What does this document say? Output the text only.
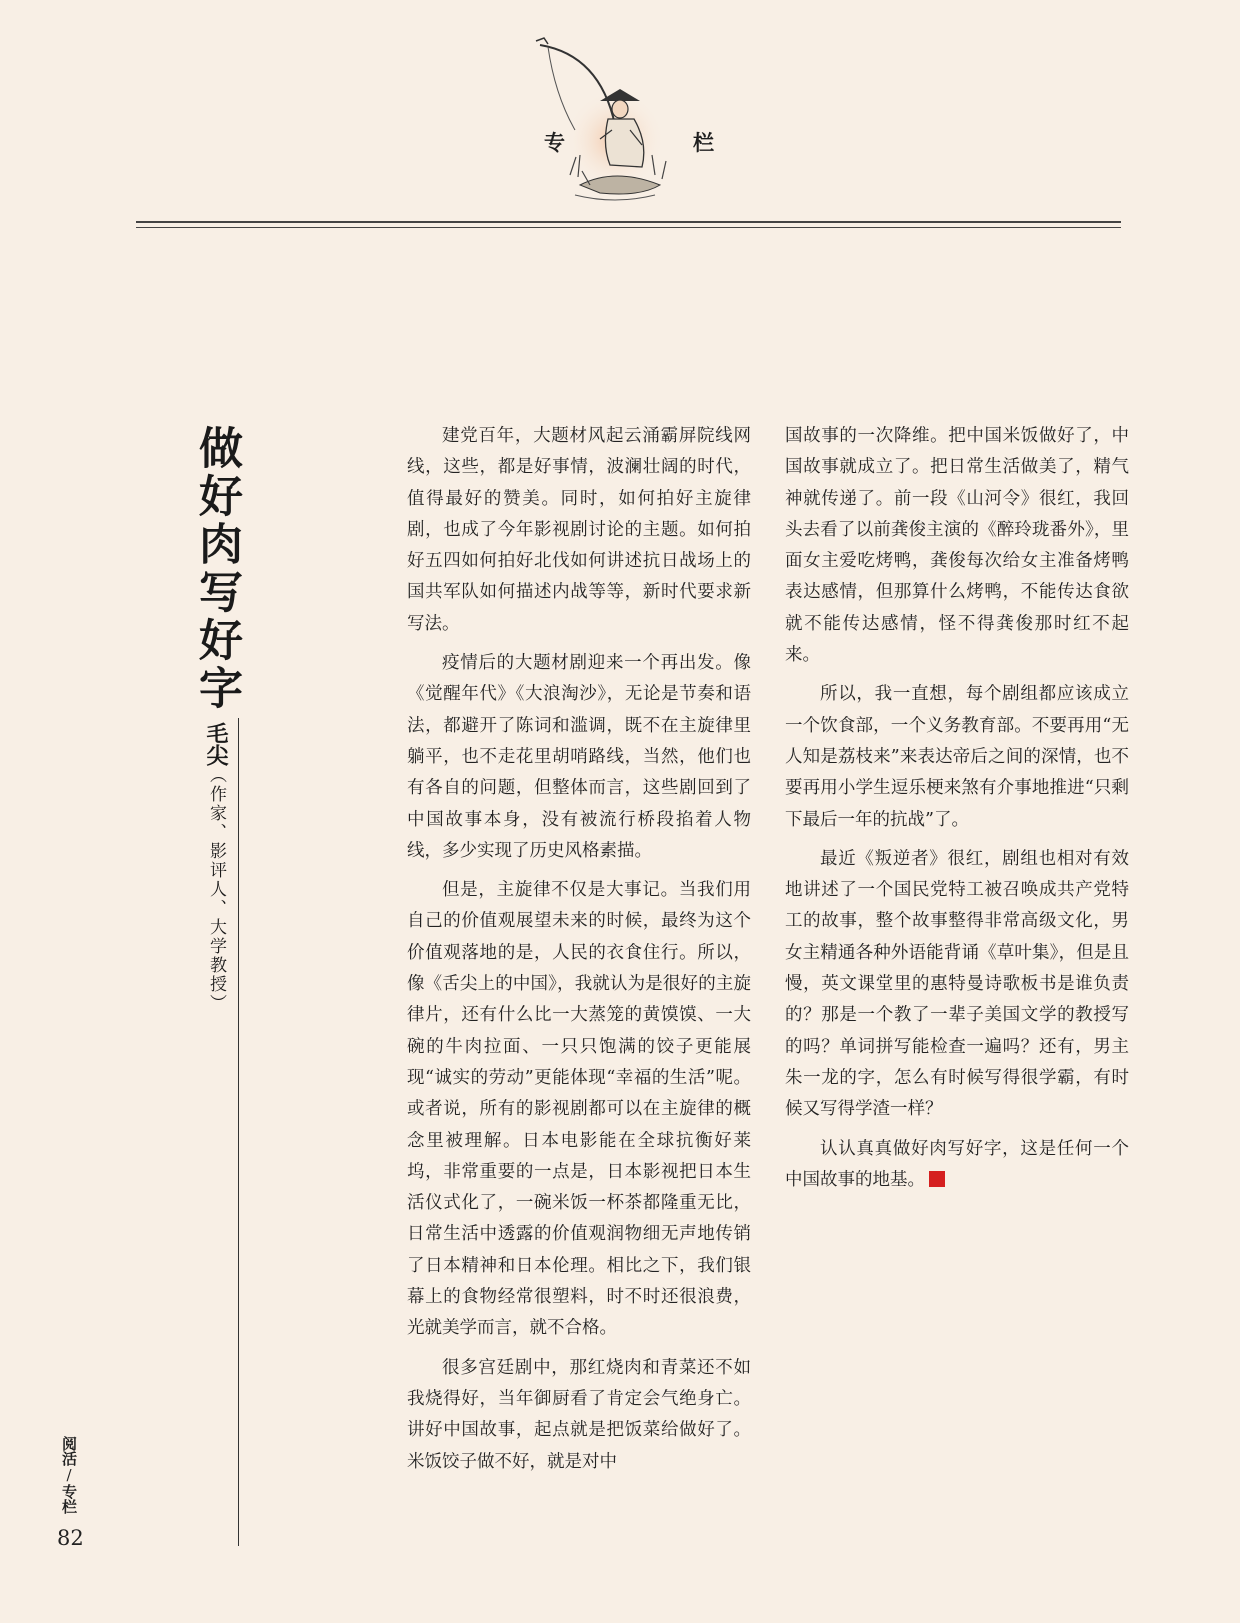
专	栏
做好肉写好字
毛尖（作家、影评人、大学教授）

建党百年，大题材风起云涌霸屏院线网线，这些，都是好事情，波澜壮阔的时代，值得最好的赞美。同时，如何拍好主旋律剧，也成了今年影视剧讨论的主题。如何拍好五四如何拍好北伐如何讲述抗日战场上的国共军队如何描述内战等等，新时代要求新写法。

疫情后的大题材剧迎来一个再出发。像《觉醒年代》《大浪淘沙》，无论是节奏和语法，都避开了陈词和滥调，既不在主旋律里躺平，也不走花里胡哨路线，当然，他们也有各自的问题，但整体而言，这些剧回到了中国故事本身，没有被流行桥段掐着人物线，多少实现了历史风格素描。

但是，主旋律不仅是大事记。当我们用自己的价值观展望未来的时候，最终为这个价值观落地的是，人民的衣食住行。所以，像《舌尖上的中国》，我就认为是很好的主旋律片，还有什么比一大蒸笼的黄馍馍、一大碗的牛肉拉面、一只只饱满的饺子更能展现“诚实的劳动”更能体现“幸福的生活”呢。或者说，所有的影视剧都可以在主旋律的概念里被理解。日本电影能在全球抗衡好莱坞，非常重要的一点是，日本影视把日本生活仪式化了，一碗米饭一杯茶都隆重无比，日常生活中透露的价值观润物细无声地传销了日本精神和日本伦理。相比之下，我们银幕上的食物经常很塑料，时不时还很浪费，光就美学而言，就不合格。

很多宫廷剧中，那红烧肉和青菜还不如我烧得好，当年御厨看了肯定会气绝身亡。讲好中国故事，起点就是把饭菜给做好了。米饭饺子做不好，就是对中

国故事的一次降维。把中国米饭做好了，中国故事就成立了。把日常生活做美了，精气神就传递了。前一段《山河令》很红，我回头去看了以前龚俊主演的《醉玲珑番外》，里面女主爱吃烤鸭，龚俊每次给女主准备烤鸭表达感情，但那算什么烤鸭，不能传达食欲就不能传达感情，怪不得龚俊那时红不起来。

所以，我一直想，每个剧组都应该成立一个饮食部，一个义务教育部。不要再用“无人知是荔枝来”来表达帝后之间的深情，也不要再用小学生逗乐梗来煞有介事地推进“只剩下最后一年的抗战”了。

最近《叛逆者》很红，剧组也相对有效地讲述了一个国民党特工被召唤成共产党特工的故事，整个故事整得非常高级文化，男女主精通各种外语能背诵《草叶集》，但是且慢，英文课堂里的惠特曼诗歌板书是谁负责的？那是一个教了一辈子美国文学的教授写的吗？单词拼写能检查一遍吗？还有，男主朱一龙的字，怎么有时候写得很学霸，有时候又写得学渣一样？

认认真真做好肉写好字，这是任何一个中国故事的地基。

阅活/专栏
82
